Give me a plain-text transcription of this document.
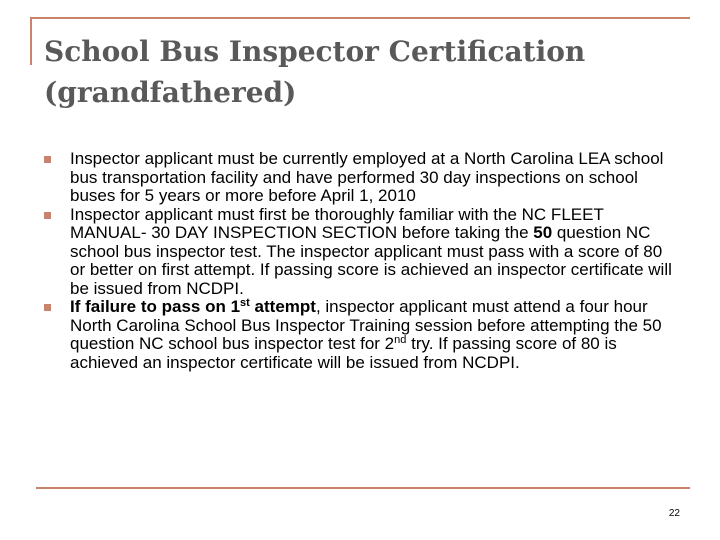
School Bus Inspector Certification (grandfathered)
Inspector applicant must be currently employed at a North Carolina LEA school bus transportation facility and have performed 30 day inspections on school buses for 5 years or more before April 1, 2010
Inspector applicant must first be thoroughly familiar with the NC FLEET MANUAL- 30 DAY INSPECTION SECTION before taking the 50 question NC school bus inspector test. The inspector applicant must pass with a score of 80 or better on first attempt. If passing score is achieved an inspector certificate will be issued from NCDPI.
If failure to pass on 1st attempt, inspector applicant must attend a four hour North Carolina School Bus Inspector Training session before attempting the 50 question NC school bus inspector test for 2nd try. If passing score of 80 is achieved an inspector certificate will be issued from NCDPI.
22
